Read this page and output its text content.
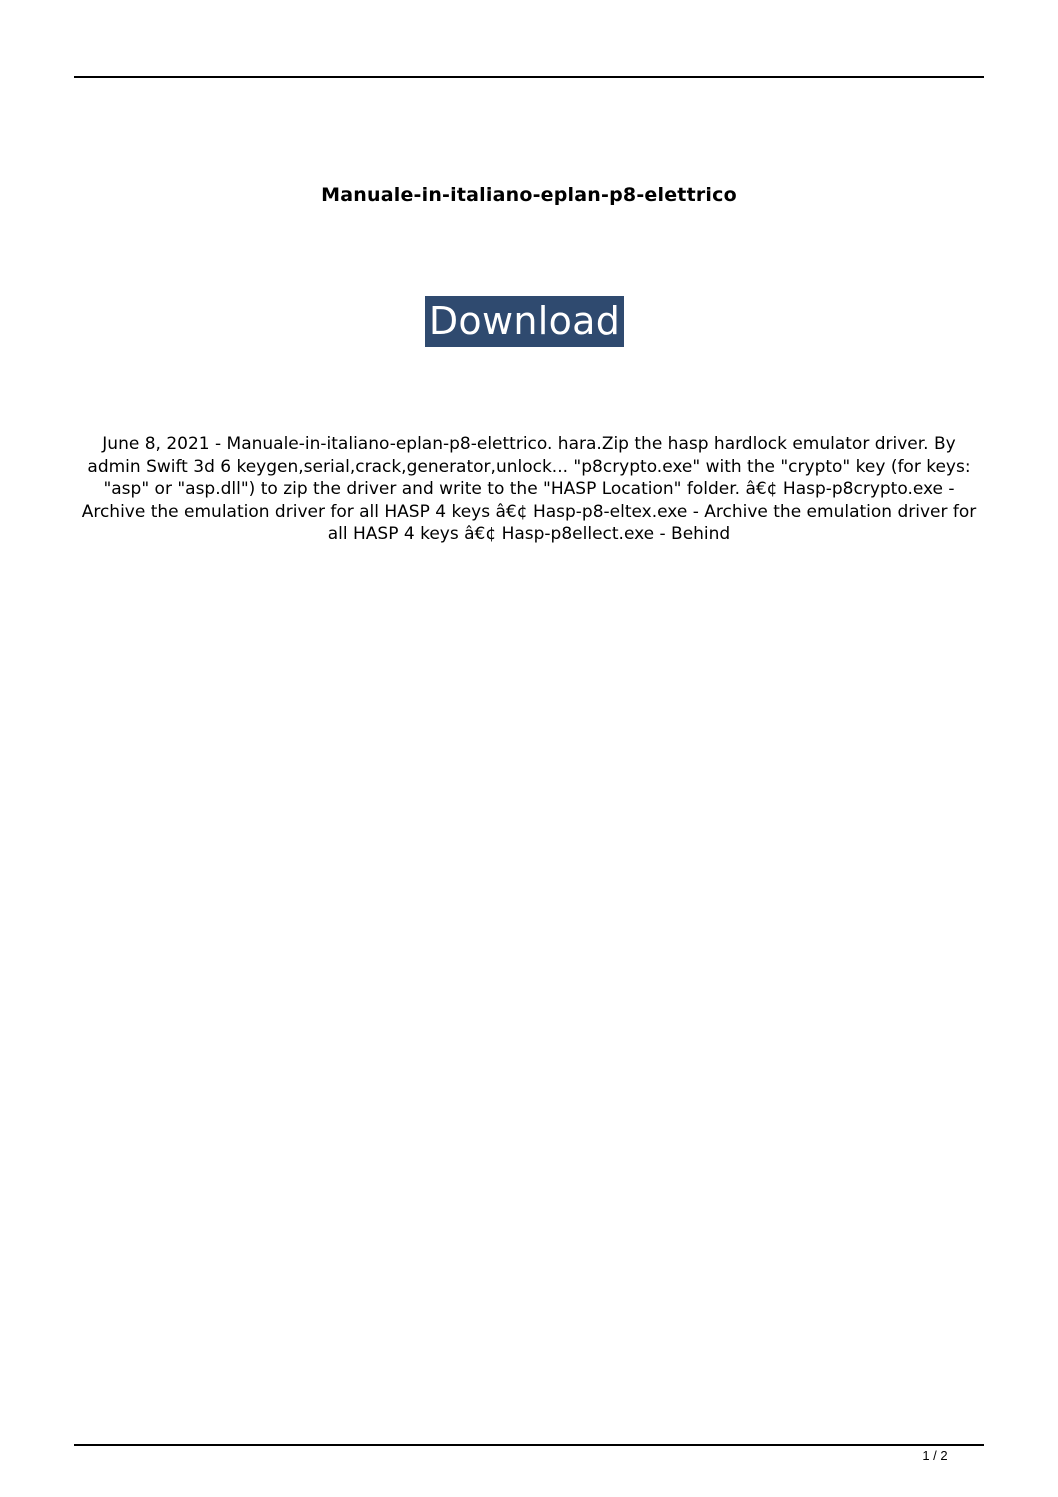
Manuale-in-italiano-eplan-p8-elettrico
Download
June 8, 2021 - Manuale-in-italiano-eplan-p8-elettrico. hara.Zip the hasp hardlock emulator driver. By admin Swift 3d 6 keygen,serial,crack,generator,unlock... "p8crypto.exe" with the "crypto" key (for keys: "asp" or "asp.dll") to zip the driver and write to the "HASP Location" folder. â€¢ Hasp-p8crypto.exe - Archive the emulation driver for all HASP 4 keys â€¢ Hasp-p8-eltex.exe - Archive the emulation driver for all HASP 4 keys â€¢ Hasp-p8ellect.exe - Behind
1 / 2
